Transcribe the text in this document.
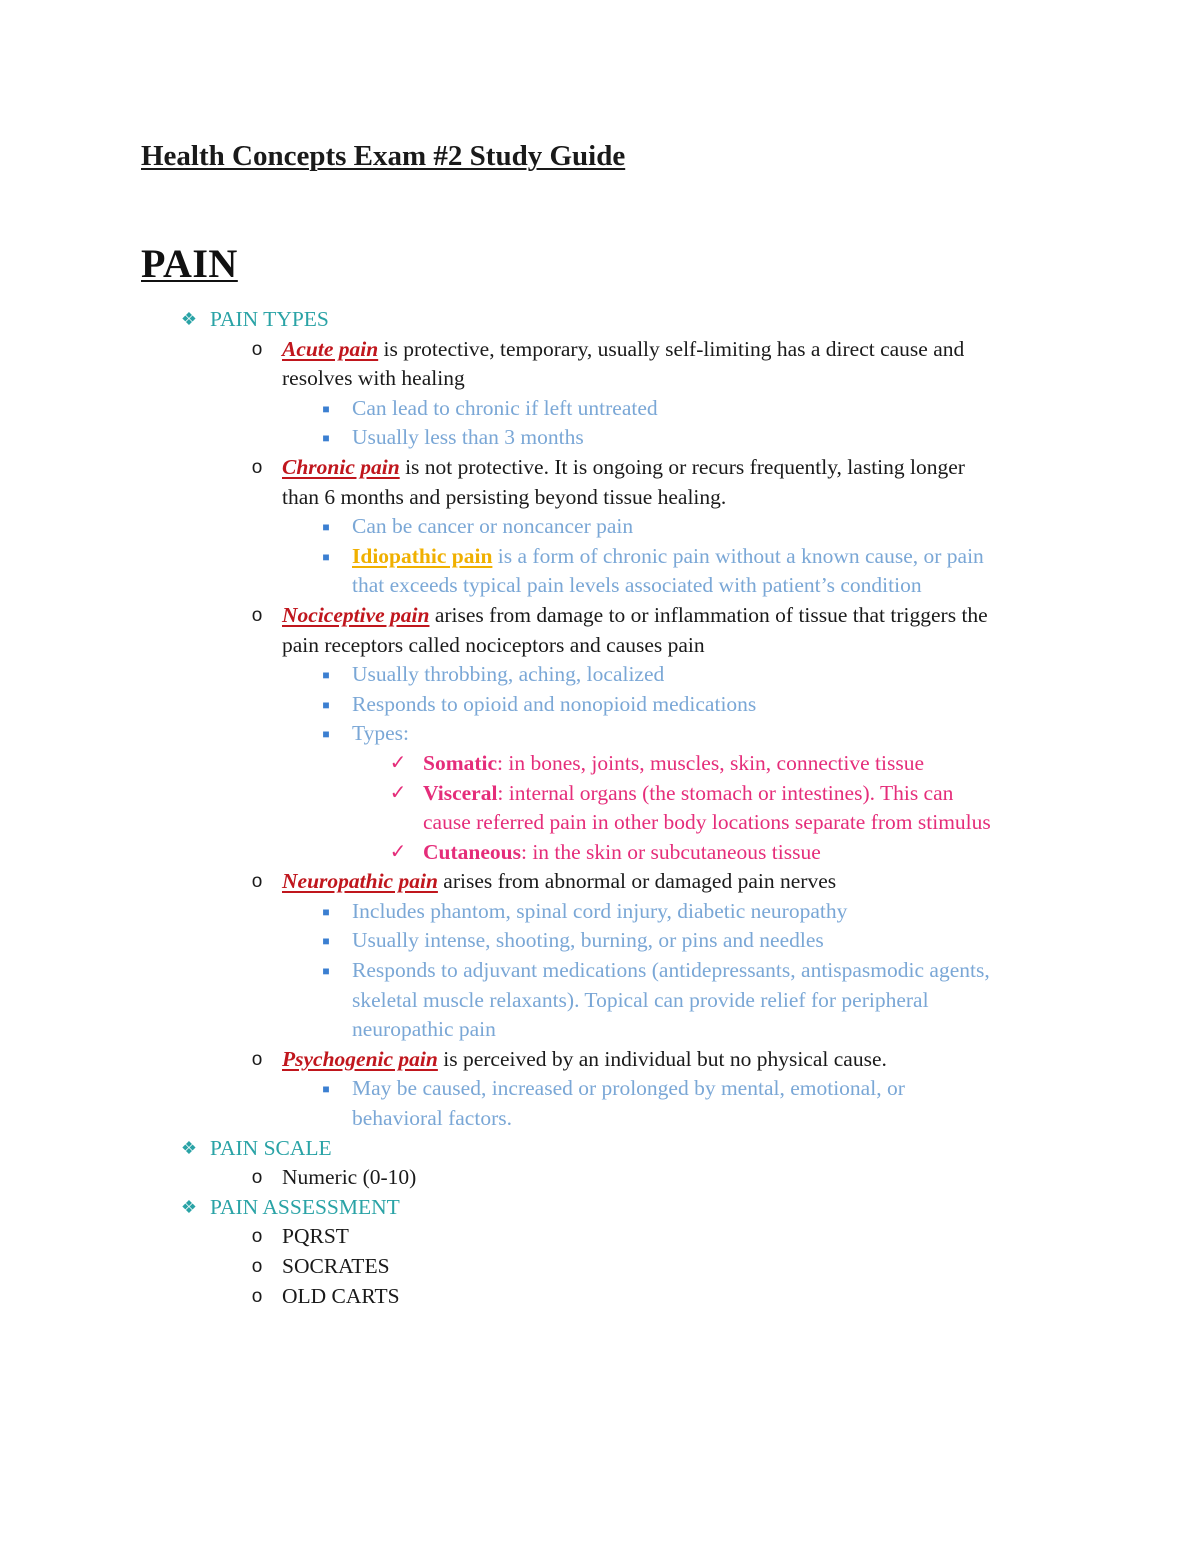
Health Concepts Exam #2 Study Guide
PAIN
❖ PAIN TYPES
o Acute pain is protective, temporary, usually self-limiting has a direct cause and
resolves with healing
■	Can lead to chronic if left untreated
■	Usually less than 3 months
o Chronic pain is not protective. It is ongoing or recurs frequently, lasting longer
than 6 months and persisting beyond tissue healing.
■	Can be cancer or noncancer pain
■	Idiopathic pain is a form of chronic pain without a known cause, or pain
that exceeds typical pain levels associated with patient’s condition
o Nociceptive pain arises from damage to or inflammation of tissue that triggers the
pain receptors called nociceptors and causes pain
■	Usually throbbing, aching, localized
■	Responds to opioid and nonopioid medications
■	Types:
✓ Somatic: in bones, joints, muscles, skin, connective tissue
✓ Visceral: internal organs (the stomach or intestines). This can
cause referred pain in other body locations separate from stimulus
✓ Cutaneous: in the skin or subcutaneous tissue
o Neuropathic pain arises from abnormal or damaged pain nerves
■	Includes phantom, spinal cord injury, diabetic neuropathy
■	Usually intense, shooting, burning, or pins and needles
■	Responds to adjuvant medications (antidepressants, antispasmodic agents,
skeletal muscle relaxants). Topical can provide relief for peripheral
neuropathic pain
o Psychogenic pain is perceived by an individual but no physical cause.
■	May be caused, increased or prolonged by mental, emotional, or
behavioral factors.
❖ PAIN SCALE
o Numeric (0-10)
❖ PAIN ASSESSMENT
o PQRST
o SOCRATES
o OLD CARTS
